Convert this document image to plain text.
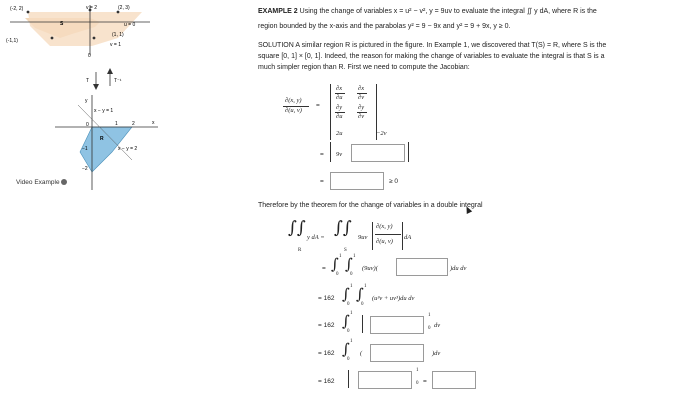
(-2, 2)	v = 2	(2, 3)
S	u = 0
(-1,1)
(1, 1)
v = 1
0
T	T⁻¹
y
x − y = 1
1	2
R
x − y = 2
0
−1
−2
x
Video Example
EXAMPLE 2 Using the change of variables x = u² − v², y = 9uv to evaluate the integral ∬ y dA, where R is the
region bounded by the x-axis and the parabolas y² = 9 − 9x and y² = 9 + 9x, y ≥ 0.
SOLUTION A similar region R is pictured in the figure. In Example 1, we discovered that T(S) = R, where S is the
square [0, 1] × [0, 1]. Indeed, the reason for making the change of variables to evaluate the integral is that S is a
much simpler region than R. First we need to compute the Jacobian:
∂(x, y)
∂(u, v)
=
∂x
∂u
∂x
∂v
∂y
∂u
∂y
∂v
2u	−2v
= 9v
=	≥ 0
Therefore by the theorem for the change of variables in a double integral
∫∫
R
y dA = ∫∫
S
9uv
∂(x, y)
∂(u, v)
dA
= ∫ 1
0
∫ 1
0
(9uv)(	)du dv
= 162 ∫ 1
0
∫ 1
0
(u³v + uv³)du dv
= 162 ∫ 1
0
1
0 dv
= 162 ∫ 1
0
(	)dv
= 162
1
0 =
